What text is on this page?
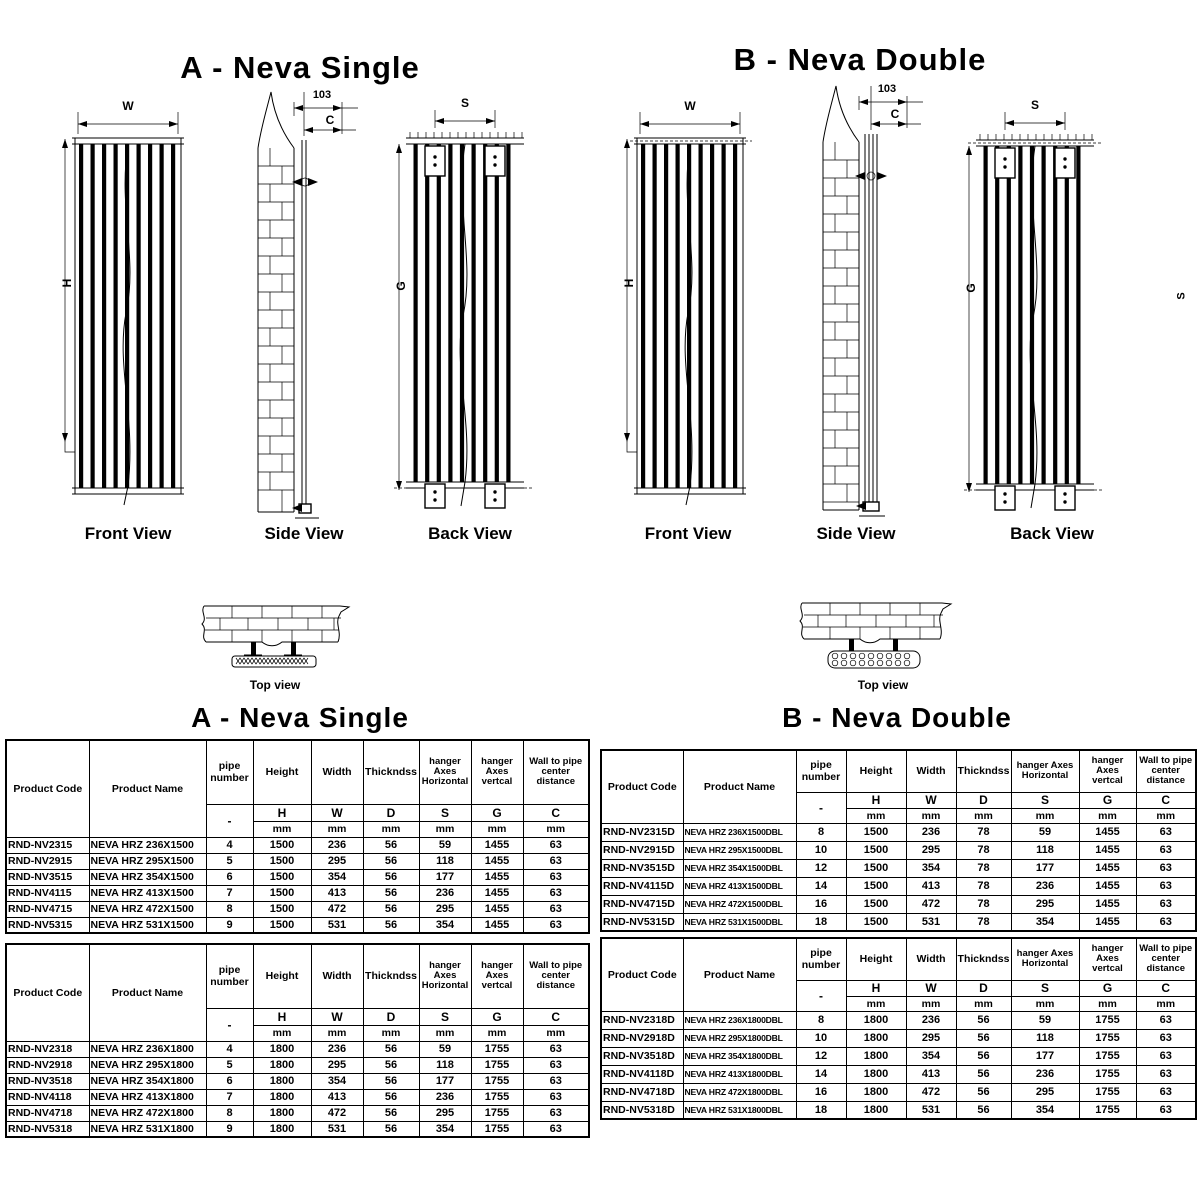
A - Neva Single	B - Neva Double
W
H
103
C
S
G
Front View	Side View	Back View
Top view
W
H
103
C
S
G
S
Front View	Side View	Back View
Top view
A - Neva Single	B - Neva Double
Product Code	Product Name	pipe number	Height	Width	Thickndss	hanger Axes Horizontal	hanger Axes vertcal	Wall to pipe center distance
		-	H	W	D	S	G	C
			mm	mm	mm	mm	mm	mm
RND-NV2315	NEVA HRZ 236X1500	4	1500	236	56	59	1455	63
RND-NV2915	NEVA HRZ 295X1500	5	1500	295	56	118	1455	63
RND-NV3515	NEVA HRZ 354X1500	6	1500	354	56	177	1455	63
RND-NV4115	NEVA HRZ 413X1500	7	1500	413	56	236	1455	63
RND-NV4715	NEVA HRZ 472X1500	8	1500	472	56	295	1455	63
RND-NV5315	NEVA HRZ 531X1500	9	1500	531	56	354	1455	63
Product Code	Product Name	pipe number	Height	Width	Thickndss	hanger Axes Horizontal	hanger Axes vertcal	Wall to pipe center distance
		-	H	W	D	S	G	C
			mm	mm	mm	mm	mm	mm
RND-NV2318	NEVA HRZ 236X1800	4	1800	236	56	59	1755	63
RND-NV2918	NEVA HRZ 295X1800	5	1800	295	56	118	1755	63
RND-NV3518	NEVA HRZ 354X1800	6	1800	354	56	177	1755	63
RND-NV4118	NEVA HRZ 413X1800	7	1800	413	56	236	1755	63
RND-NV4718	NEVA HRZ 472X1800	8	1800	472	56	295	1755	63
RND-NV5318	NEVA HRZ 531X1800	9	1800	531	56	354	1755	63
Product Code	Product Name	pipe number	Height	Width	Thickndss	hanger Axes Horizontal	hanger Axes vertcal	Wall to pipe center distance
		-	H	W	D	S	G	C
			mm	mm	mm	mm	mm	mm
RND-NV2315D	NEVA HRZ 236X1500DBL	8	1500	236	78	59	1455	63
RND-NV2915D	NEVA HRZ 295X1500DBL	10	1500	295	78	118	1455	63
RND-NV3515D	NEVA HRZ 354X1500DBL	12	1500	354	78	177	1455	63
RND-NV4115D	NEVA HRZ 413X1500DBL	14	1500	413	78	236	1455	63
RND-NV4715D	NEVA HRZ 472X1500DBL	16	1500	472	78	295	1455	63
RND-NV5315D	NEVA HRZ 531X1500DBL	18	1500	531	78	354	1455	63
Product Code	Product Name	pipe number	Height	Width	Thickndss	hanger Axes Horizontal	hanger Axes vertcal	Wall to pipe center distance
		-	H	W	D	S	G	C
			mm	mm	mm	mm	mm	mm
RND-NV2318D	NEVA HRZ 236X1800DBL	8	1800	236	56	59	1755	63
RND-NV2918D	NEVA HRZ 295X1800DBL	10	1800	295	56	118	1755	63
RND-NV3518D	NEVA HRZ 354X1800DBL	12	1800	354	56	177	1755	63
RND-NV4118D	NEVA HRZ 413X1800DBL	14	1800	413	56	236	1755	63
RND-NV4718D	NEVA HRZ 472X1800DBL	16	1800	472	56	295	1755	63
RND-NV5318D	NEVA HRZ 531X1800DBL	18	1800	531	56	354	1755	63
